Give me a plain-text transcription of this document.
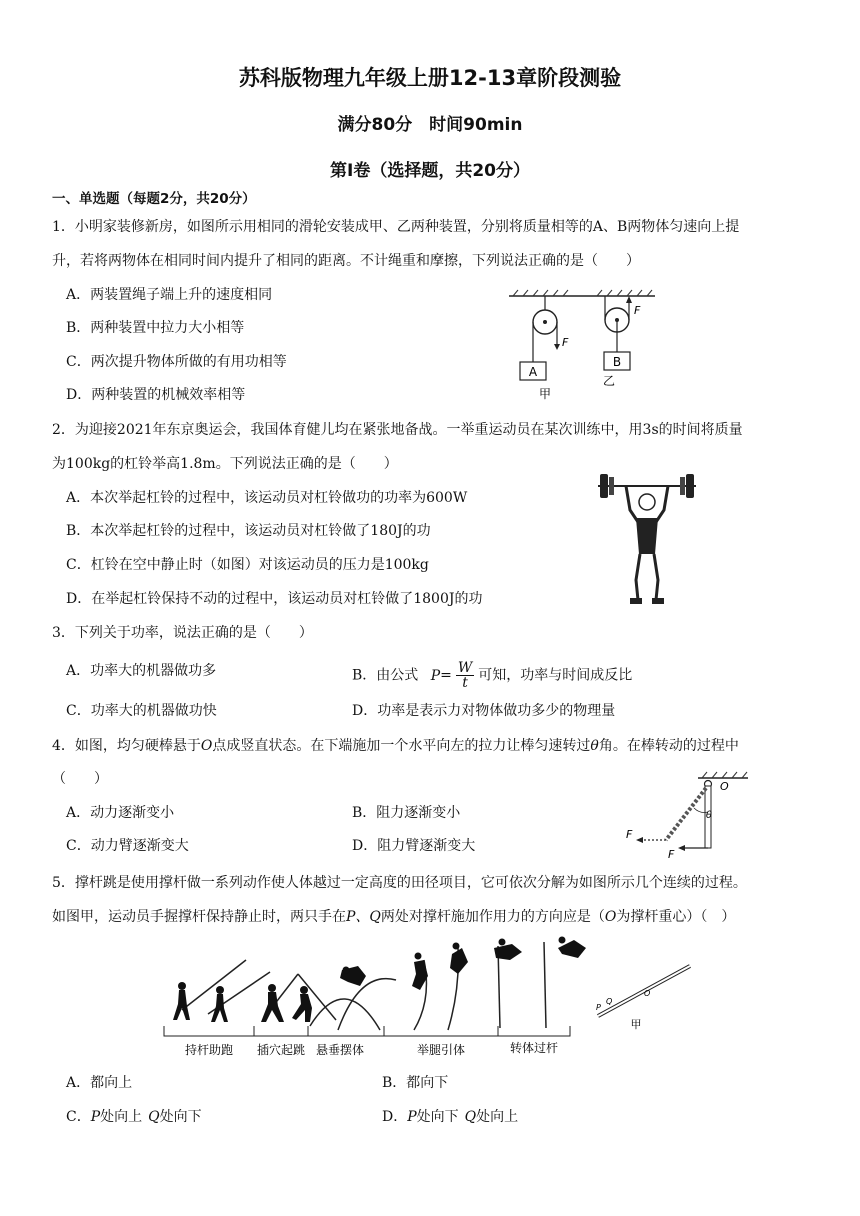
苏科版物理九年级上册12-13章阶段测验
满分80分　时间90min
第Ⅰ卷（选择题，共20分）
一、单选题（每题2分，共20分）
1．小明家装修新房，如图所示用相同的滑轮安装成甲、乙两种装置，分别将质量相等的A、B两物体匀速向上提
升，若将两物体在相同时间内提升了相同的距离。不计绳重和摩擦，下列说法正确的是（　　）
A．两装置绳子端上升的速度相同
B．两种装置中拉力大小相等
C．两次提升物体所做的有用功相等
D．两种装置的机械效率相等
A
B
F
F
甲
乙
2．为迎接2021年东京奥运会，我国体育健儿均在紧张地备战。一举重运动员在某次训练中，用3s的时间将质量
为100kg的杠铃举高1.8m。下列说法正确的是（　　）
A．本次举起杠铃的过程中，该运动员对杠铃做功的功率为600W
B．本次举起杠铃的过程中，该运动员对杠铃做了180J的功
C．杠铃在空中静止时（如图）对该运动员的压力是100kg
D．在举起杠铃保持不动的过程中，该运动员对杠铃做了1800J的功
3．下列关于功率，说法正确的是（　　）
A．功率大的机器做功多	B．由公式 $P= \frac{W}{t}$ 可知，功率与时间成反比
C．功率大的机器做功快	D．功率是表示力对物体做功多少的物理量
4．如图，均匀硬棒悬于O点成竖直状态。在下端施加一个水平向左的拉力让棒匀速转过θ角。在棒转动的过程中
（　　）
A．动力逐渐变小	B．阻力逐渐变小
C．动力臂逐渐变大	D．阻力臂逐渐变大
O
θ
F
F
5．撑杆跳是使用撑杆做一系列动作使人体越过一定高度的田径项目，它可依次分解为如图所示几个连续的过程。
如图甲，运动员手握撑杆保持静止时，两只手在P、Q两处对撑杆施加作用力的方向应是（O为撑杆重心）（　）
持杆助跑 插穴起跳 悬垂摆体	举腿引体	转体过杆
P
Q
O
甲
A．都向上	B．都向下
C．P处向上 Q处向下	D．P处向下 Q处向上
